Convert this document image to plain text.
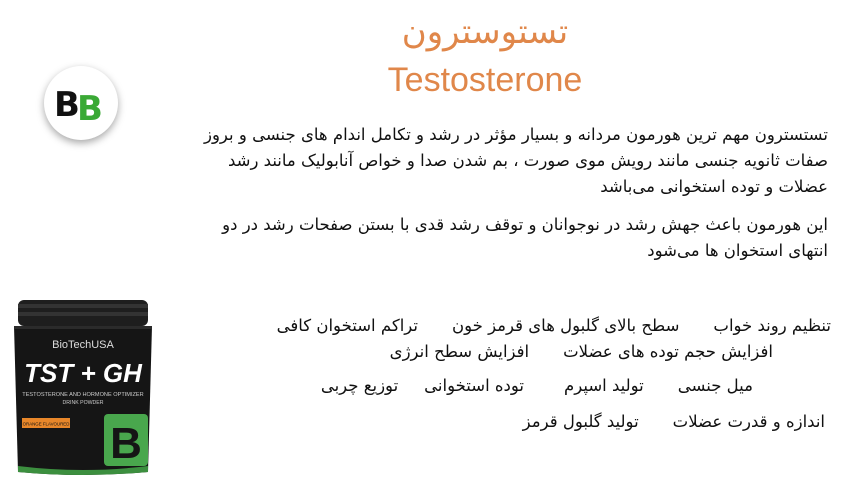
تستوسترون
Testosterone
B
B
تستسترون مهم ترین هورمون مردانه و بسیار مؤثر در رشد و تکامل اندام های جنسی و بروز صفات ثانویه جنسی مانند رویش موی صورت ، بم شدن صدا و خواص آنابولیک مانند رشد عضلات و توده استخوانی می‌باشد
این هورمون باعث جهش رشد در نوجوانان و توقف رشد قدی با بستن صفحات رشد در دو انتهای استخوان ها می‌شود
تنظیم روند خوابسطح بالای گلبول های قرمز خونتراکم استخوان کافی
افزایش حجم توده های عضلاتافزایش سطح انرژی
میل جنسیتولید اسپرمتوده استخوانیتوزیع چربی
اندازه و قدرت عضلاتتولید گلبول قرمز
BioTechUSA
TST + GH
TESTOSTERONE AND HORMONE OPTIMIZER
DRINK POWDER
ORANGE FLAVOURED B
